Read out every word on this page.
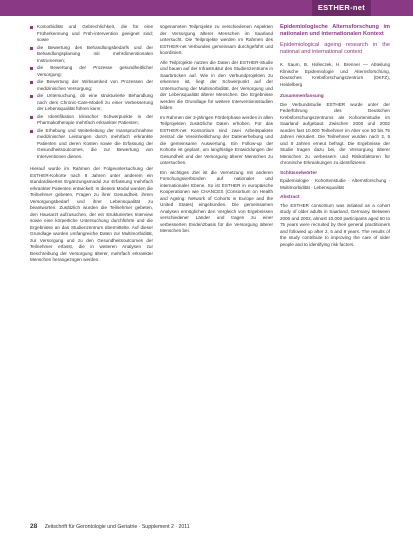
ESTHER-net
Komorbidität und Gebrechlichkeit, die für eine Früherkennung und Früh-intervention geeignet sind; sowie
die Bewertung des Behandlungsbedarfs und der Behandlungsplanung mit mehrdimensionalen Instrumenten;
die Bewertung der Prozesse gesundheitlicher Versorgung;
die Bewertung der Wirksamkeit von Prozessen der medizinischen Versorgung;
die Untersuchung, ob eine strukturierte Behandlung nach dem Chronic-Care-Modell zu einer Verbesserung der Lebensqualität führen kann;
die Identifikation klinischer Schwerpunkte in der Pharmakotherapie mehrfach erkrankter Patienten;
die Erhebung und Weiterleitung der Inanspruchnahme medizinischer Leistungen durch mehrfach erkrankte Patienten und deren Kosten sowie die Erfassung der Gesundheitsoutcomes, die zur Bewertung von Interventionen dienen.

Hierauf wurde im Rahmen der Folgeuntersuchung der ESTHER-Kohorte nach 8 Jahren unter anderem ein standardisiertes Ergänzungsmodul zur Erfassung mehrfach erkrankter Patienten entwickelt. In diesem Modul wurden die Teilnehmer gebeten, Fragen zu ihrer Gesundheit, ihrem Versorgungsbedarf und ihrer Lebensqualität zu beantworten. Zusätzlich wurden die Teilnehmer gebeten, den Hausarzt aufzusuchen, der ein strukturiertes Interview sowie eine körperliche Untersuchung durchführte und die Ergebnisse an das Studienzentrum übermittelte. Auf dieser Grundlage wurden umfangreiche Daten zur Multimorbidität, zur Versorgung und zu den Gesundheitsoutcomes der Teilnehmer erfasst, die in weiteren Analysen zur Beschreibung der Versorgung älterer, mehrfach erkrankter Menschen herangezogen werden.

sogenannten Teilprojekte zu verschiedenen Aspekten der Versorgung älterer Menschen im Saarland untersucht. Die Teilprojekte werden im Rahmen des ESTHER-net Verbundes gemeinsam durchgeführt und koordiniert.

Alle Teilprojekte nutzen die Daten der ESTHER-Studie und bauen auf der Infrastruktur des Studienzentrums in Saarbrücken auf. Wie in den Verbundprojekten zu erkennen ist, liegt der Schwerpunkt auf der Untersuchung der Multimorbidität, der Versorgung und der Lebensqualität älterer Menschen. Die Ergebnisse werden die Grundlage für weitere Interventionsstudien bilden.

Im Rahmen der 3-jährigen Förderphase werden in allen Teilprojekten zusätzliche Daten erhoben. Für das ESTHER-net Konsortium sind zwei Arbeitspakete zentral: die Vereinheitlichung der Datenerhebung und die gemeinsame Auswertung. Ein Follow-up der Kohorte ist geplant, um langfristige Entwicklungen der Gesundheit und der Versorgung älterer Menschen zu untersuchen.

Ein wichtiges Ziel ist die Vernetzung mit anderen Forschungsverbünden auf nationaler und internationaler Ebene. So ist ESTHER in europäische Kooperationen wie CHANCES (Consortium on Health and Ageing: Network of Cohorts in Europe and the United States) eingebunden. Die gemeinsamen Analysen ermöglichen den Vergleich von Ergebnissen verschiedener Länder und tragen zu einer verbesserten Evidenzbasis für die Versorgung älterer Menschen bei.

Epidemiologische Alternsforschung im nationalen und internationalen Kontext
Epidemiological ageing research in the national and international context
K. Saum, B. Holleczek, H. Brenner — Abteilung Klinische Epidemiologie und Alternsforschung, Deutsches Krebsforschungszentrum (DKFZ), Heidelberg
Zusammenfassung

Die Verbundstudie ESTHER wurde unter der Federführung des Deutschen Krebsforschungszentrums als Kohortenstudie im Saarland aufgebaut. Zwischen 2000 und 2002 wurden fast 10.000 Teilnehmer im Alter von 50 bis 75 Jahren rekrutiert. Die Teilnehmer wurden nach 2, 5 und 8 Jahren erneut befragt. Die Ergebnisse der Studie tragen dazu bei, die Versorgung älterer Menschen zu verbessern und Risikofaktoren für chronische Erkrankungen zu identifizieren.

Schlüsselwörter

Epidemiologie · Kohortenstudie · Alternsforschung · Multimorbidität · Lebensqualität

Abstract

The ESTHER consortium was initiated as a cohort study of older adults in Saarland, Germany. Between 2000 and 2002, almost 10,000 participants aged 50 to 75 years were recruited by their general practitioners and followed up after 2, 5 and 8 years. The results of the study contribute to improving the care of older people and to identifying risk factors.

28 Zeitschrift für Gerontologie und Geriatrie · Supplement 2 · 2011
